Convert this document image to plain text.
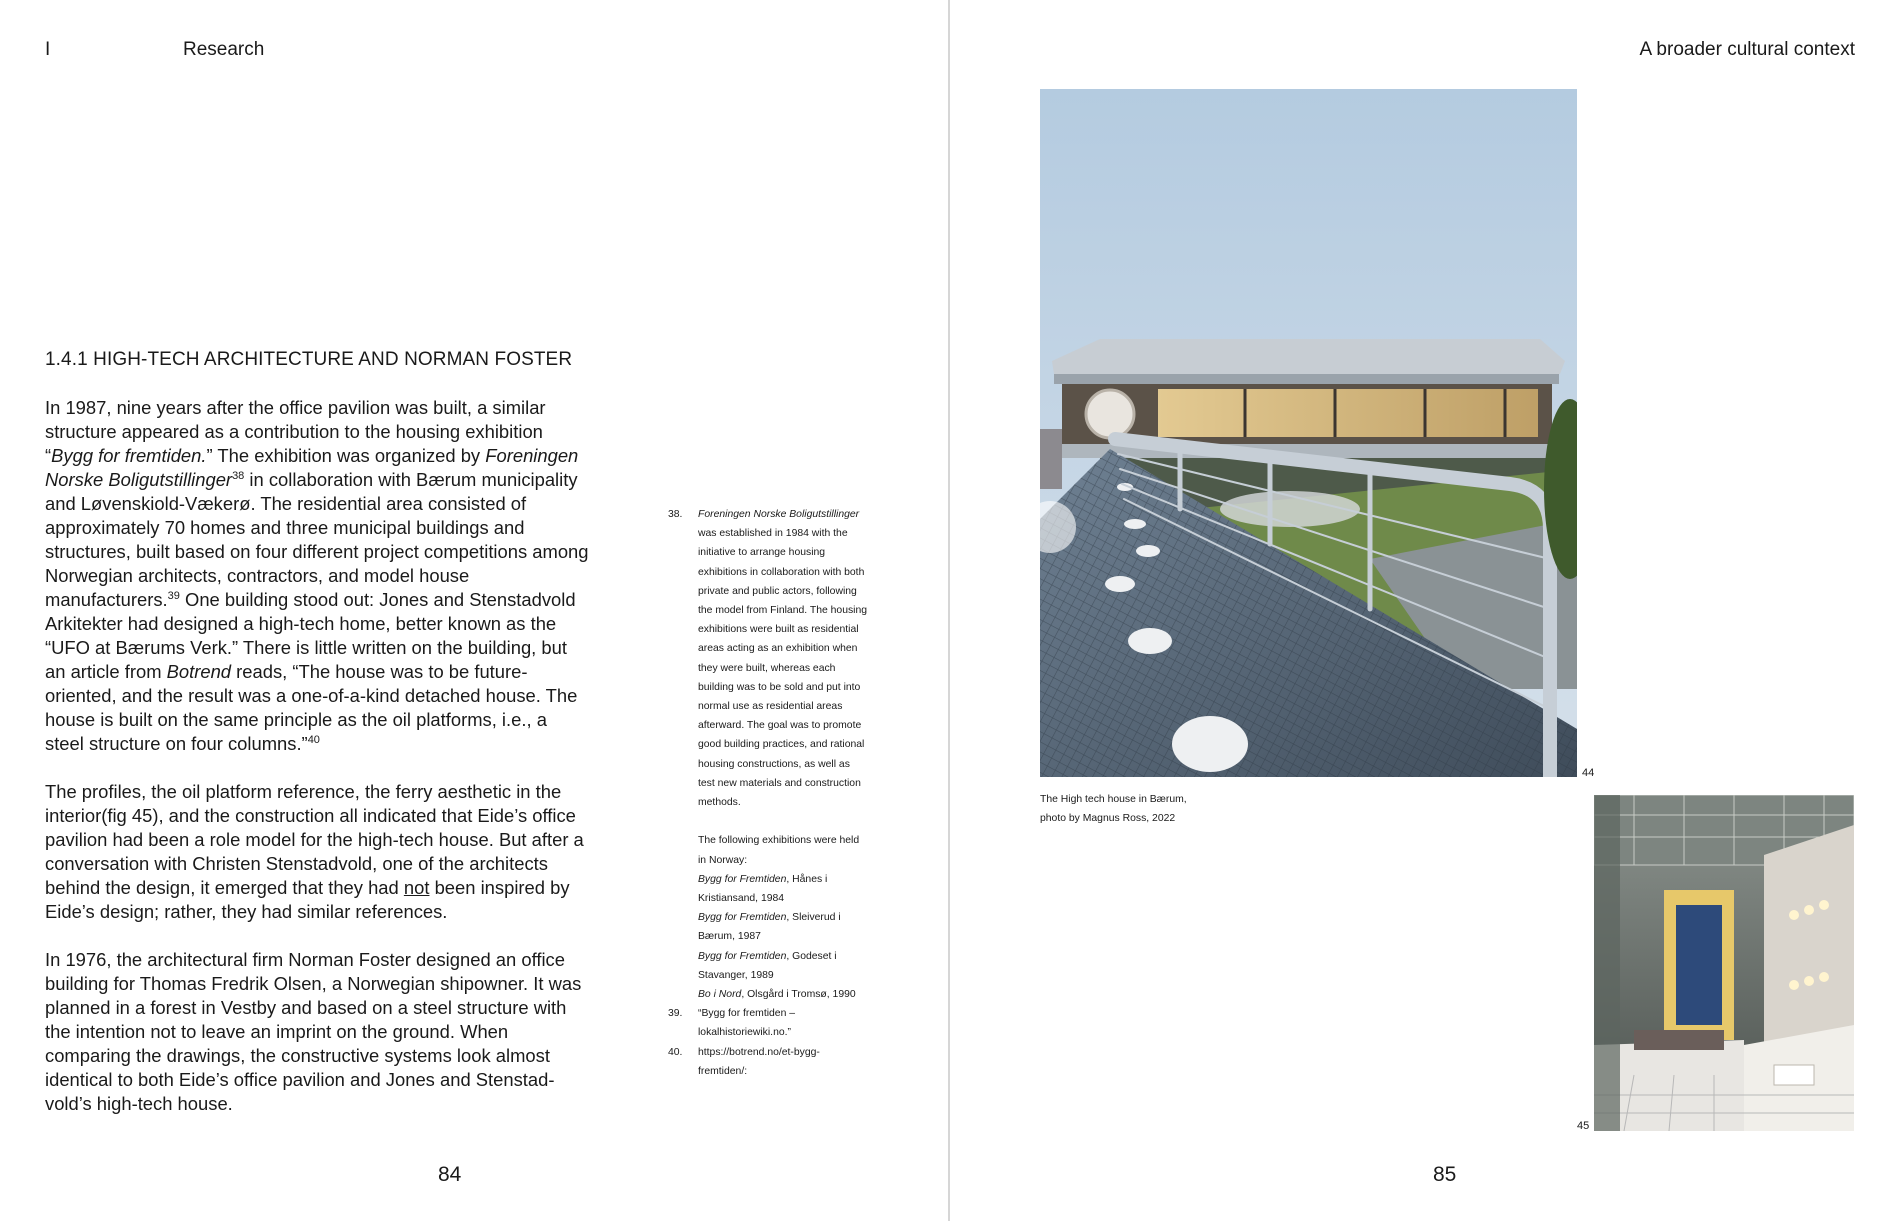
I	Research
1.4.1 HIGH-TECH ARCHITECTURE AND NORMAN FOSTER

In 1987, nine years after the office pavilion was built, a similar structure appeared as a contribution to the housing exhibition “Bygg for fremtiden.” The exhibition was organized by Foreningen Norske Boligutstillinger$^{38}$ in collaboration with Bærum municipality and Løvenskiold-Vækerø. The residential area consisted of approximately 70 homes and three municipal buildings and structures, built based on four different project competitions among Norwegian architects, contractors, and model house manufacturers.$^{39}$ One building stood out: Jones and Stenstadvold Arkitekter had designed a high-tech home, better known as the “UFO at Bærums Verk.” There is little written on the building, but an article from Botrend reads, “The house was to be future-oriented, and the result was a one-of-a-kind detached house. The house is built on the same principle as the oil platforms, i.e., a steel structure on four columns.”$^{40}$

The profiles, the oil platform reference, the ferry aesthetic in the interior(fig 45), and the construction all indicated that Eide’s office pavilion had been a role model for the high-tech house. But after a conversation with Christen Stenstadvold, one of the architects behind the design, it emerged that they had not been inspired by Eide’s design; rather, they had similar references.

In 1976, the architectural firm Norman Foster designed an office building for Thomas Fredrik Olsen, a Norwegian shipowner. It was planned in a forest in Vestby and based on a steel structure with the intention not to leave an imprint on the ground. When comparing the drawings, the constructive systems look almost identical to both Eide’s office pavilion and Jones and Stenstad-vold’s high-tech house.

38. Foreningen Norske Boligutstillinger was established in 1984 with the initiative to arrange housing exhibitions in collaboration with both private and public actors, following the model from Finland. The housing exhibitions were built as residential areas acting as an exhibition when they were built, whereas each building was to be sold and put into normal use as residential areas afterward. The goal was to promote good building practices, and rational housing constructions, as well as test new materials and construction methods.
The following exhibitions were held in Norway:
Bygg for Fremtiden, Hånes i Kristiansand, 1984
Bygg for Fremtiden, Sleiverud i Bærum, 1987
Bygg for Fremtiden, Godeset i Stavanger, 1989
Bo i Nord, Olsgård i Tromsø, 1990
39. “Bygg for fremtiden – lokalhistoriewiki.no.”
40. https://botrend.no/et-bygg-fremtiden/:
84
A broader cultural context
85
44
The High tech house in Bærum,
photo by Magnus Ross, 2022
45
